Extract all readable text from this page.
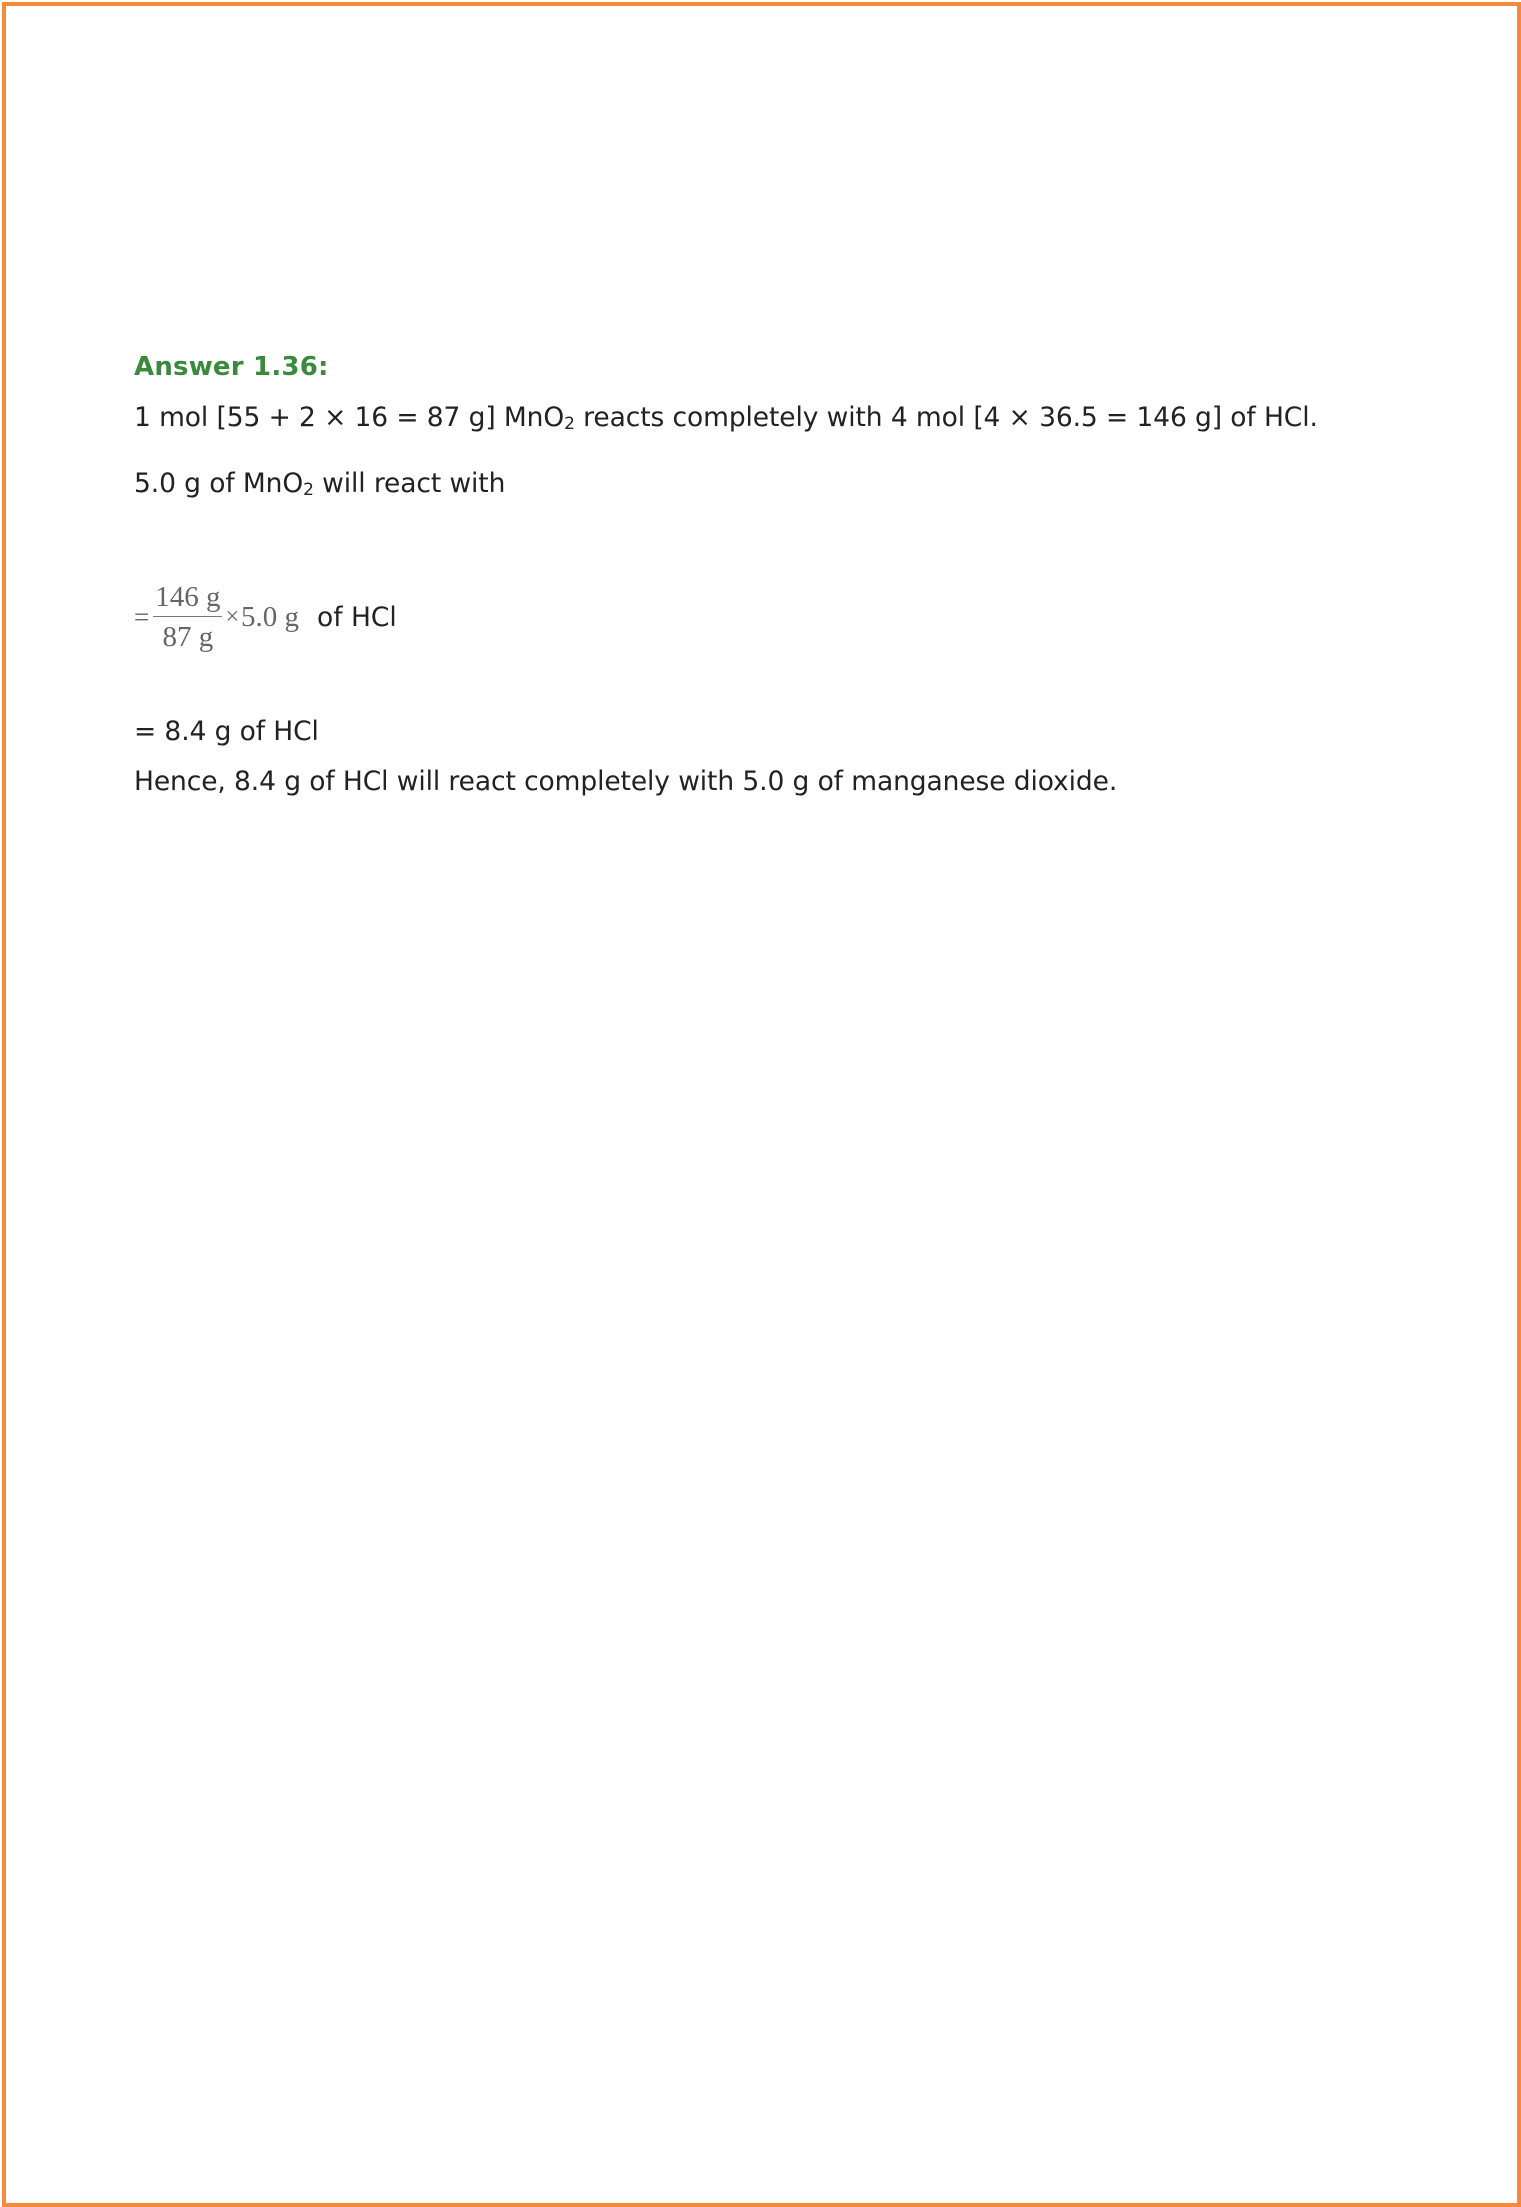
Answer 1.36:
1 mol [55 + 2 × 16 = 87 g] MnO$_2$ reacts completely with 4 mol [4 × 36.5 = 146 g] of HCl.
5.0 g of MnO$_2$ will react with
= $\frac{146 g}{87 g} \times 5.0$ g of HCl
= 8.4 g of HCl
Hence, 8.4 g of HCl will react completely with 5.0 g of manganese dioxide.
